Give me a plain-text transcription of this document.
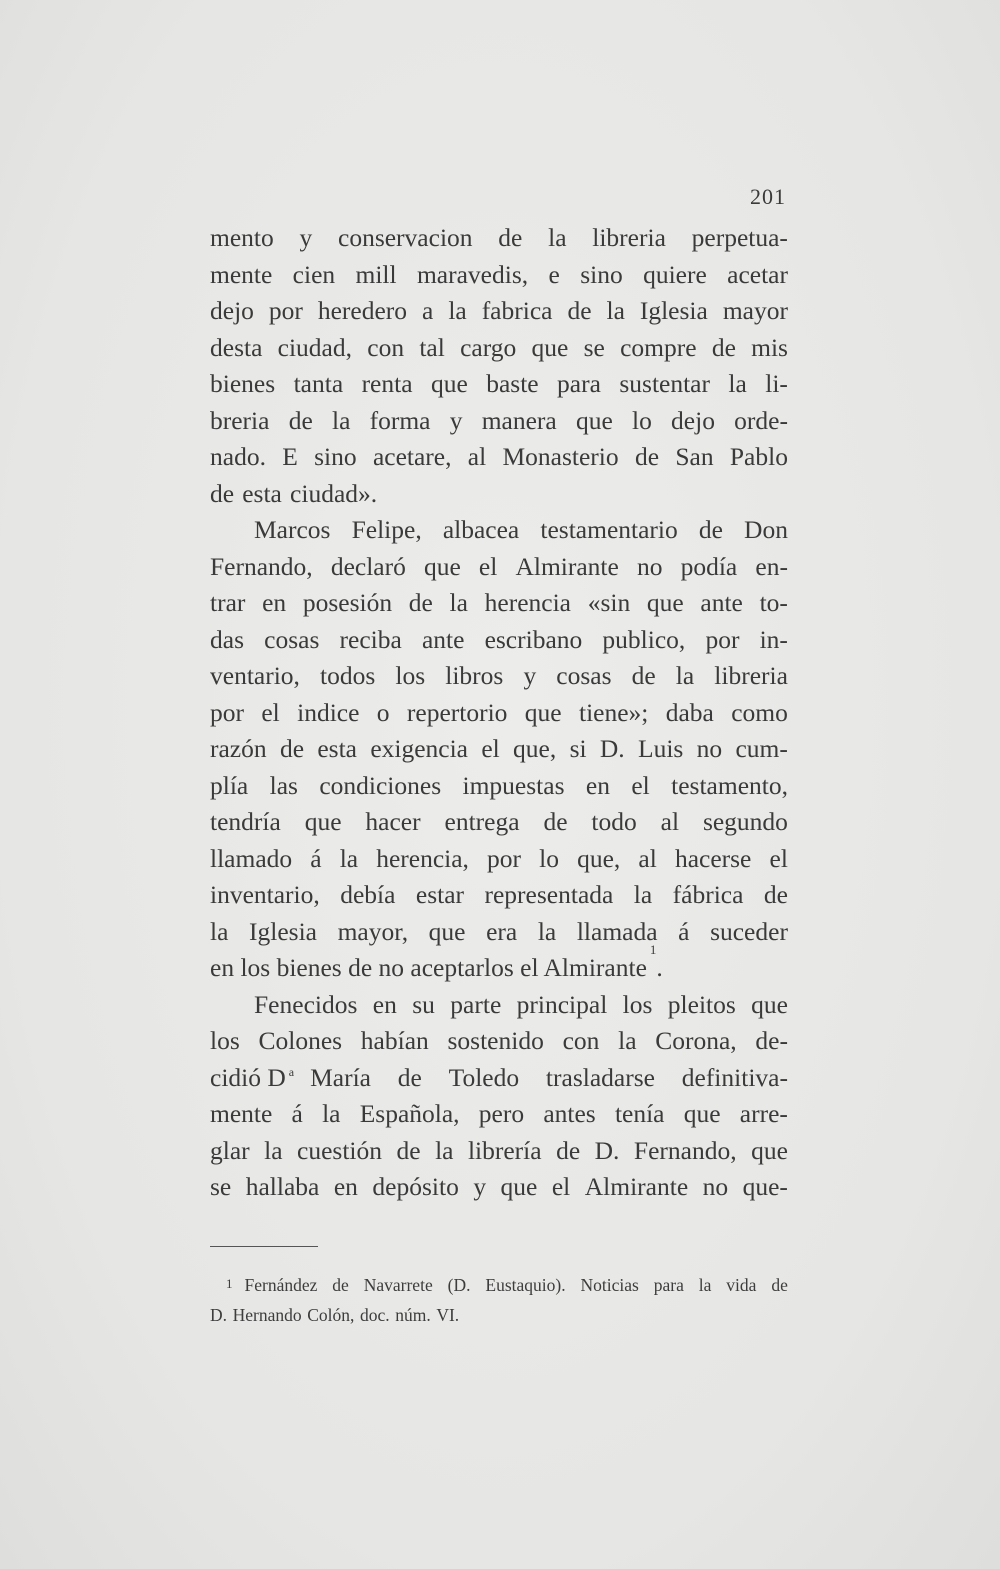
201
mento y conservacion de la libreria perpetua-
mente cien mill maravedis, e sino quiere acetar
dejo por heredero a la fabrica de la Iglesia mayor
desta ciudad, con tal cargo que se compre de mis
bienes tanta renta que baste para sustentar la li-
breria de la forma y manera que lo dejo orde-
nado. E sino acetare, al Monasterio de San Pablo
de esta ciudad».
Marcos Felipe, albacea testamentario de Don
Fernando, declaró que el Almirante no podía en-
trar en posesión de la herencia «sin que ante to-
das cosas reciba ante escribano publico, por in-
ventario, todos los libros y cosas de la libreria
por el indice o repertorio que tiene»; daba como
razón de esta exigencia el que, si D. Luis no cum-
plía las condiciones impuestas en el testamento,
tendría que hacer entrega de todo al segundo
llamado á la herencia, por lo que, al hacerse el
inventario, debía estar representada la fábrica de
la Iglesia mayor, que era la llamada á suceder
en los bienes de no aceptarlos el Almirante
1
.
Fenecidos en su parte principal los pleitos que
los Colones habían sostenido con la Corona, de-
cidió D $^a$ María de Toledo trasladarse definitiva-
mente á la Española, pero antes tenía que arre-
glar la cuestión de la librería de D. Fernando, que
se hallaba en depósito y que el Almirante no que-
1 Fernández de Navarrete (D. Eustaquio). Noticias para la vida de
D. Hernando Colón, doc. núm. VI.
